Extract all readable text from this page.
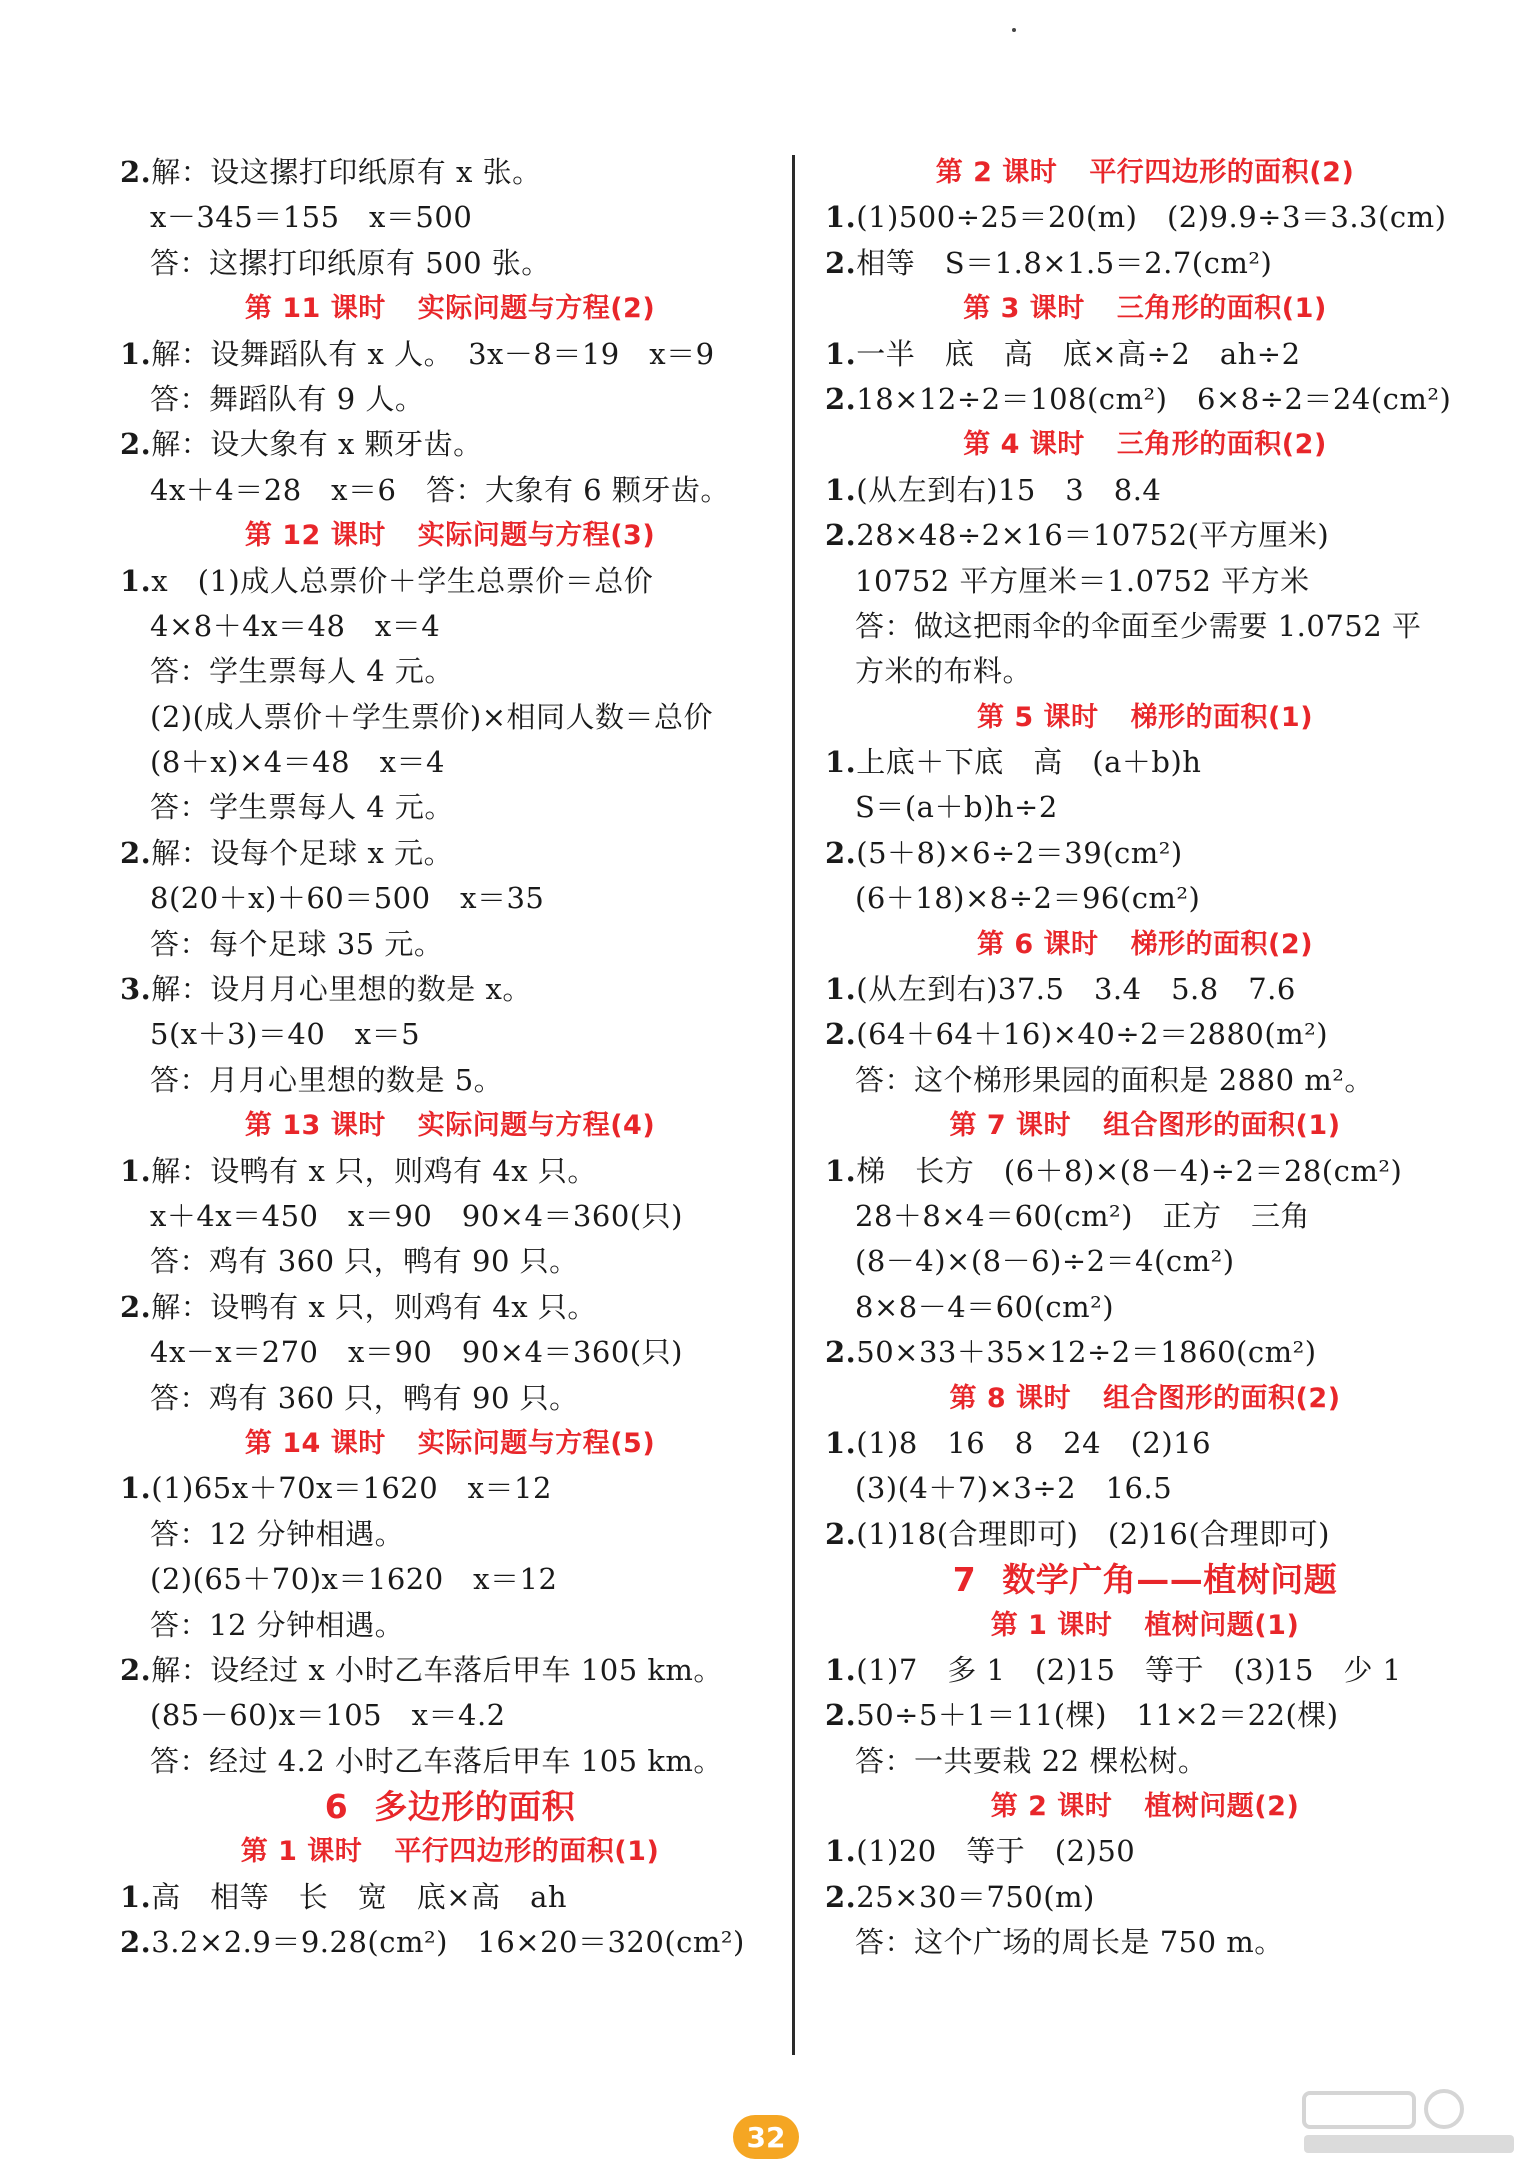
2.解：设这摞打印纸原有 x 张。
x－345＝155　x＝500
答：这摞打印纸原有 500 张。
第 11 课时 实际问题与方程(2)
1.解：设舞蹈队有 x 人。　3x－8＝19　x＝9
答：舞蹈队有 9 人。
2.解：设大象有 x 颗牙齿。
4x＋4＝28　x＝6　答：大象有 6 颗牙齿。
第 12 课时 实际问题与方程(3)
1.x　(1)成人总票价＋学生总票价＝总价
4×8＋4x＝48　x＝4
答：学生票每人 4 元。
(2)(成人票价＋学生票价)×相同人数＝总价
(8＋x)×4＝48　x＝4
答：学生票每人 4 元。
2.解：设每个足球 x 元。
8(20＋x)＋60＝500　x＝35
答：每个足球 35 元。
3.解：设月月心里想的数是 x。
5(x＋3)＝40　x＝5
答：月月心里想的数是 5。
第 13 课时 实际问题与方程(4)
1.解：设鸭有 x 只，则鸡有 4x 只。
x＋4x＝450　x＝90　90×4＝360(只)
答：鸡有 360 只，鸭有 90 只。
2.解：设鸭有 x 只，则鸡有 4x 只。
4x－x＝270　x＝90　90×4＝360(只)
答：鸡有 360 只，鸭有 90 只。
第 14 课时 实际问题与方程(5)
1.(1)65x＋70x＝1620　x＝12
答：12 分钟相遇。
(2)(65＋70)x＝1620　x＝12
答：12 分钟相遇。
2.解：设经过 x 小时乙车落后甲车 105 km。
(85－60)x＝105　x＝4.2
答：经过 4.2 小时乙车落后甲车 105 km。
6 多边形的面积
第 1 课时 平行四边形的面积(1)
1.高　相等　长　宽　底×高　ah
2.3.2×2.9＝9.28(cm²)　16×20＝320(cm²)
第 2 课时 平行四边形的面积(2)
1.(1)500÷25＝20(m)　(2)9.9÷3＝3.3(cm)
2.相等　S＝1.8×1.5＝2.7(cm²)
第 3 课时 三角形的面积(1)
1.一半　底　高　底×高÷2　ah÷2
2.18×12÷2＝108(cm²)　6×8÷2＝24(cm²)
第 4 课时 三角形的面积(2)
1.(从左到右)15　3　8.4
2.28×48÷2×16＝10752(平方厘米)
10752 平方厘米＝1.0752 平方米
答：做这把雨伞的伞面至少需要 1.0752 平
方米的布料。
第 5 课时 梯形的面积(1)
1.上底＋下底　高　(a＋b)h
S＝(a＋b)h÷2
2.(5＋8)×6÷2＝39(cm²)
(6＋18)×8÷2＝96(cm²)
第 6 课时 梯形的面积(2)
1.(从左到右)37.5　3.4　5.8　7.6
2.(64＋64＋16)×40÷2＝2880(m²)
答：这个梯形果园的面积是 2880 m²。
第 7 课时 组合图形的面积(1)
1.梯　长方　(6＋8)×(8－4)÷2＝28(cm²)
28＋8×4＝60(cm²)　正方　三角
(8－4)×(8－6)÷2＝4(cm²)
8×8－4＝60(cm²)
2.50×33＋35×12÷2＝1860(cm²)
第 8 课时 组合图形的面积(2)
1.(1)8　16　8　24　(2)16
(3)(4＋7)×3÷2　16.5
2.(1)18(合理即可)　(2)16(合理即可)
7 数学广角——植树问题
第 1 课时 植树问题(1)
1.(1)7　多 1　(2)15　等于　(3)15　少 1
2.50÷5＋1＝11(棵)　11×2＝22(棵)
答：一共要栽 22 棵松树。
第 2 课时 植树问题(2)
1.(1)20　等于　(2)50
2.25×30＝750(m)
答：这个广场的周长是 750 m。
32
